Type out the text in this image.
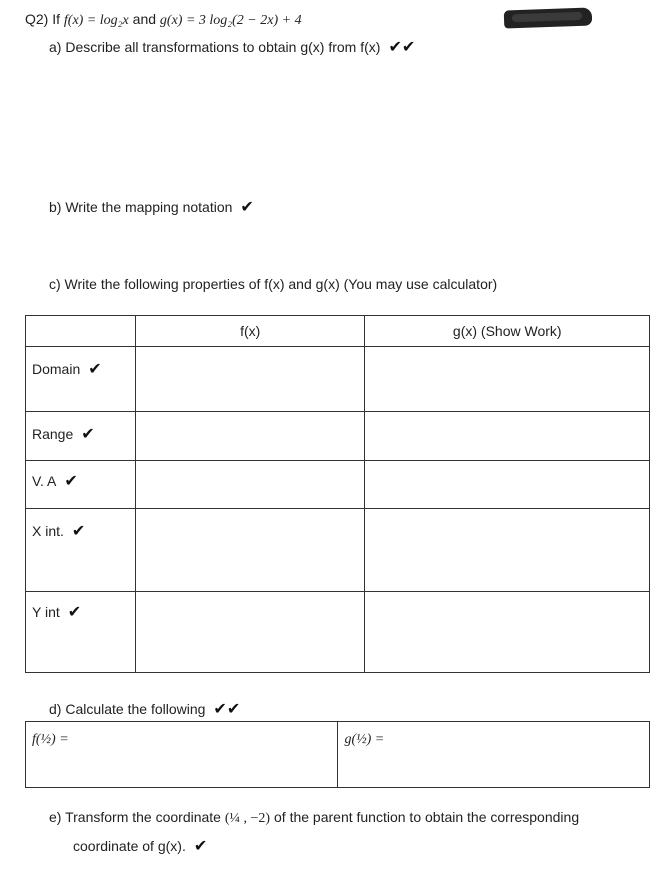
Q2) If f(x) = log₂x and g(x) = 3 log₂(2 − 2x) + 4
a) Describe all transformations to obtain g(x) from f(x) ✔✔
b) Write the mapping notation ✔
c) Write the following properties of f(x) and g(x) (You may use calculator)
	f(x)	g(x) (Show Work)
Domain ✔		
Range ✔		
V. A ✔		
X int. ✔		
Y int ✔		
d) Calculate the following ✔✔
f(½) =	g(½) =
e) Transform the coordinate (¼ , −2) of the parent function to obtain the corresponding
coordinate of g(x). ✔
